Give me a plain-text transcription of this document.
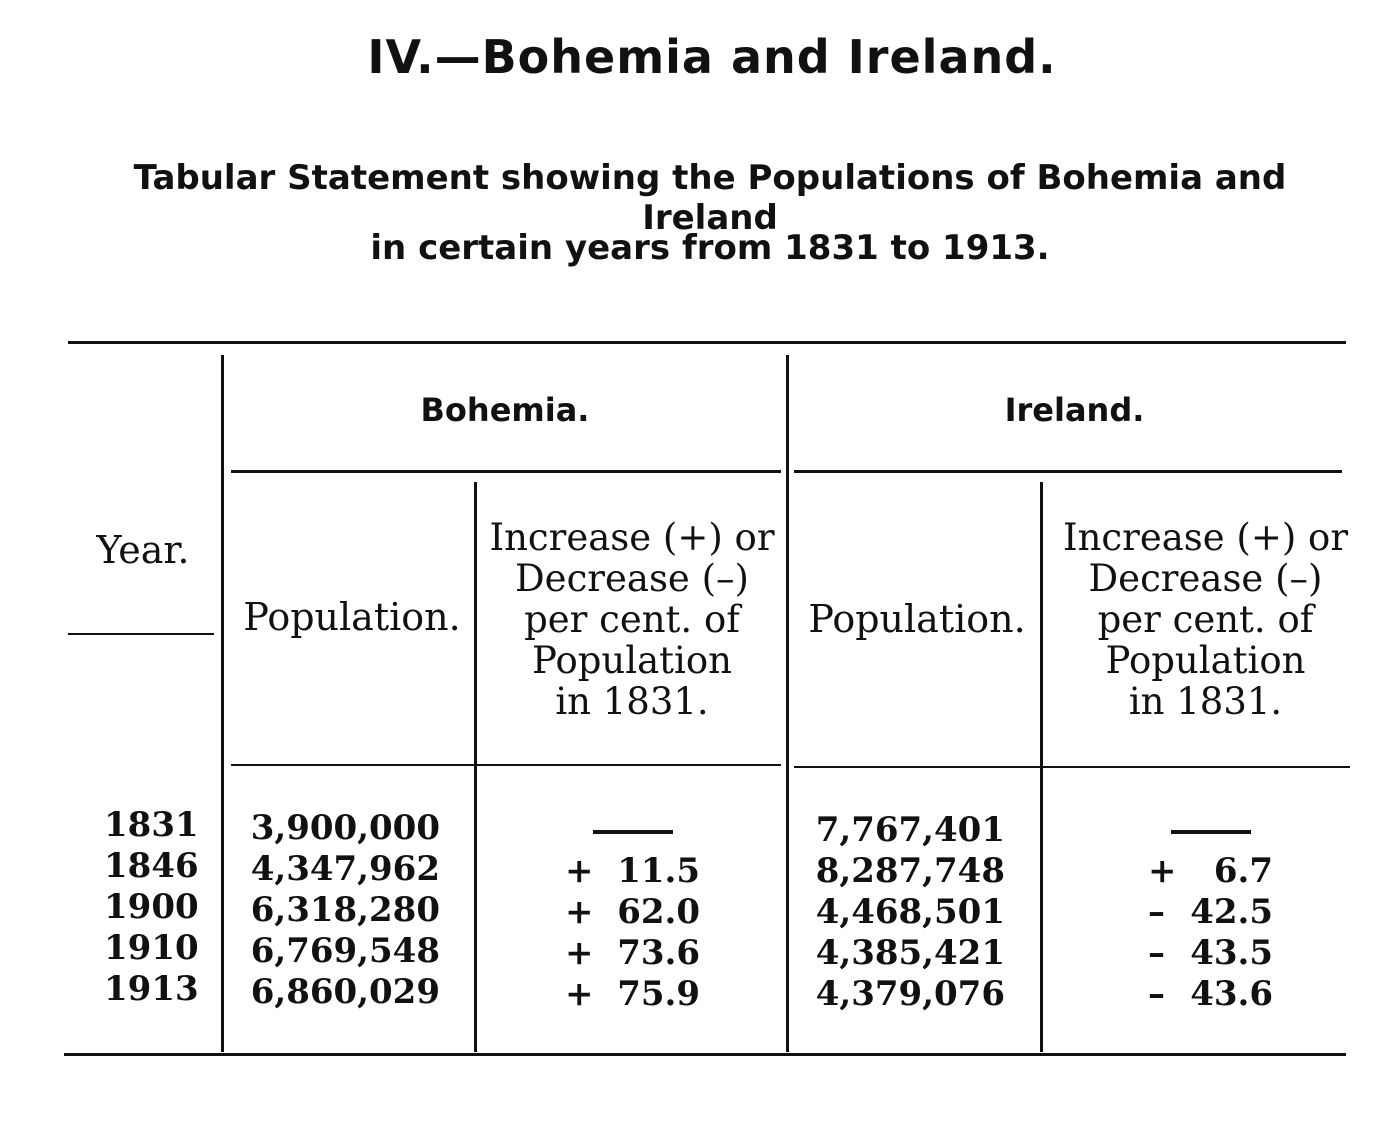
IV.—Bohemia and Ireland.
Tabular Statement showing the Populations of Bohemia and Ireland
in certain years from 1831 to 1913.
Year.
Bohemia.	Ireland.
Population.	Population.
Increase (+) or
Decrease (–)
per cent. of
Population
in 1831.
Increase (+) or
Decrease (–)
per cent. of
Population
in 1831.
1831
1846
1900
1910
1913
3,900,000
4,347,962
6,318,280
6,769,548
6,860,029
+ 11.5
+ 62.0
+ 73.6
+ 75.9
7,767,401
8,287,748
4,468,501
4,385,421
4,379,076
+ 6.7
– 42.5
– 43.5
– 43.6
